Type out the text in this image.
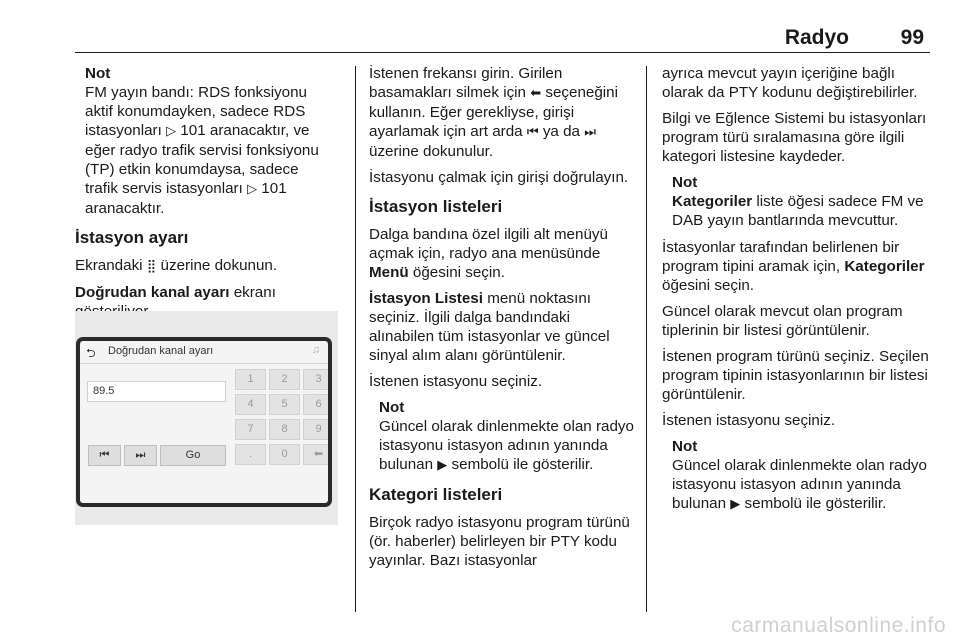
Radyo 99
Not
FM yayın bandı: RDS fonksiyonu
aktif konumdayken, sadece RDS
istasyonları ▷ 101 aranacaktır, ve
eğer radyo trafik servisi fonksiyonu
(TP) etkin konumdaysa, sadece
trafik servis istasyonları ▷ 101
aranacaktır.
İstasyon ayarı

Ekrandaki ⣿ üzerine dokunun.

Doğrudan kanal ayarı ekranı

⮌ Doğrudan kanal ayarı	♫
89.5
1	2	3
4	5	6
7	8	9
.	0	⬅
⏮	⏭	Go

İstenen frekansı girin. Girilen basamakları silmek için ⬅ seçeneğini kullanın. Eğer gerekliyse, girişi ayarlamak için art arda ⏮ ya da ⏭ üzerine dokunulur.

İstasyonu çalmak için girişi doğrulayın.

İstasyon listeleri

Dalga bandına özel ilgili alt menüyü açmak için, radyo ana menüsünde Menü öğesini seçin.

İstasyon Listesi menü noktasını seçiniz. İlgili dalga bandındaki alınabilen tüm istasyonlar ve güncel sinyal alım alanı görüntülenir.

İstenen istasyonu seçiniz.

Not
Güncel olarak dinlenmekte olan radyo istasyonu istasyon adının yanında bulunan ▶ sembolü ile gösterilir.
Kategori listeleri

Birçok radyo istasyonu program türünü (ör. haberler) belirleyen bir PTY kodu yayınlar. Bazı istasyonlar

ayrıca mevcut yayın içeriğine bağlı olarak da PTY kodunu değiştirebilirler.

Bilgi ve Eğlence Sistemi bu istasyonları program türü sıralamasına göre ilgili kategori listesine kaydeder.

Not
Kategoriler liste öğesi sadece FM ve DAB yayın bantlarında mevcuttur.

İstasyonlar tarafından belirlenen bir program tipini aramak için, Kategoriler öğesini seçin.

Güncel olarak mevcut olan program tiplerinin bir listesi görüntülenir.

İstenen program türünü seçiniz. Seçilen program tipinin istasyonlarının bir listesi görüntülenir.

İstenen istasyonu seçiniz.

Not
Güncel olarak dinlenmekte olan radyo istasyonu istasyon adının yanında bulunan ▶ sembolü ile gösterilir.
carmanualsonline.info
